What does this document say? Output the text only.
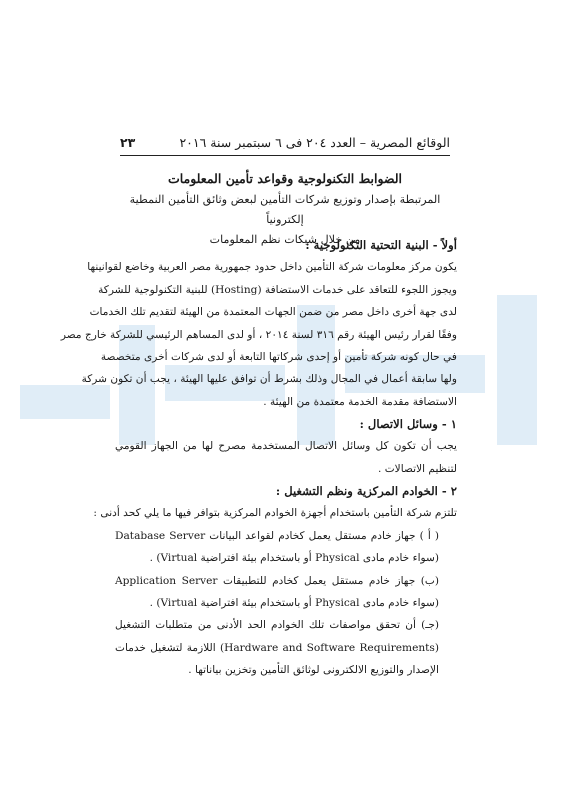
الوقائع المصرية – العدد ٢٠٤ فى ٦ سبتمبر سنة ٢٠١٦
٢٣
الضوابط التكنولوجية وقواعد تأمين المعلومات
المرتبطة بإصدار وتوزيع شركات التأمين لبعض وثائق التأمين النمطية إلكترونياً
من خلال شبكات نظم المعلومات
أولاً - البنية التحتية التكنولوجية :
يكون مركز معلومات شركة التأمين داخل حدود جمهورية مصر العربية وخاضع لقوانينها
ويجوز اللجوء للتعاقد على خدمات الاستضافة (Hosting) للبنية التكنولوجية للشركة
لدى جهة أخرى داخل مصر من ضمن الجهات المعتمدة من الهيئة لتقديم تلك الخدمات
وفقًا لقرار رئيس الهيئة رقم ٣١٦ لسنة ٢٠١٤ ، أو لدى المساهم الرئيسي للشركة خارج مصر
في حال كونه شركة تأمين أو إحدى شركاتها التابعة أو لدى شركات أخرى متخصصة
ولها سابقة أعمال في المجال وذلك بشرط أن توافق عليها الهيئة ، يجب أن تكون شركة
الاستضافة مقدمة الخدمة معتمدة من الهيئة .
١ - وسائل الاتصال :
يجب أن تكون كل وسائل الاتصال المستخدمة مصرح لها من الجهاز القومي
لتنظيم الاتصالات .
٢ - الخوادم المركزية ونظم التشغيل :
تلتزم شركة التأمين باستخدام أجهزة الخوادم المركزية بتوافر فيها ما يلي كحد أدنى :
( أ ) جهاز خادم مستقل يعمل كخادم لقواعد البيانات Database Server
(سواء خادم مادى Physical أو باستخدام بيئة افتراضية Virtual) .
(ب) جهاز خادم مستقل يعمل كخادم للتطبيقات Application Server
(سواء خادم مادى Physical أو باستخدام بيئة افتراضية Virtual) .
(جـ) أن تحقق مواصفات تلك الخوادم الحد الأدنى من متطلبات التشغيل
(Hardware and Software Requirements) اللازمة لتشغيل خدمات
الإصدار والتوزيع الالكترونى لوثائق التأمين وتخزين بياناتها .
